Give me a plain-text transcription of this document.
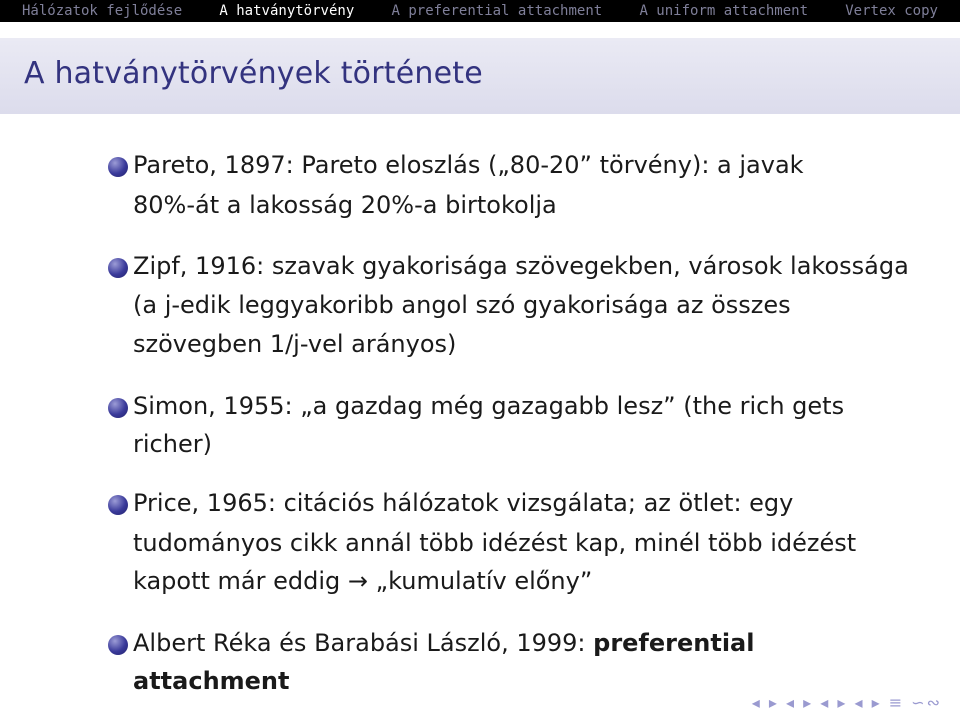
Hálózatok fejlődése	A hatványtörvény	A preferential attachment	A uniform attachment	Vertex copy
A hatványtörvények története
Pareto, 1897: Pareto eloszlás („80-20” törvény): a javak
80%-át a lakosság 20%-a birtokolja
Zipf, 1916: szavak gyakorisága szövegekben, városok lakossága
(a j-edik leggyakoribb angol szó gyakorisága az összes
szövegben 1/j-vel arányos)
Simon, 1955: „a gazdag még gazagabb lesz” (the rich gets
richer)
Price, 1965: citációs hálózatok vizsgálata; az ötlet: egy
tudományos cikk annál több idézést kap, minél több idézést
kapott már eddig → „kumulatív előny”
Albert Réka és Barabási László, 1999: preferential
attachment
◂ ▸ ◂ ▸ ◂ ▸ ◂ ▸ ≡ ∽∾
